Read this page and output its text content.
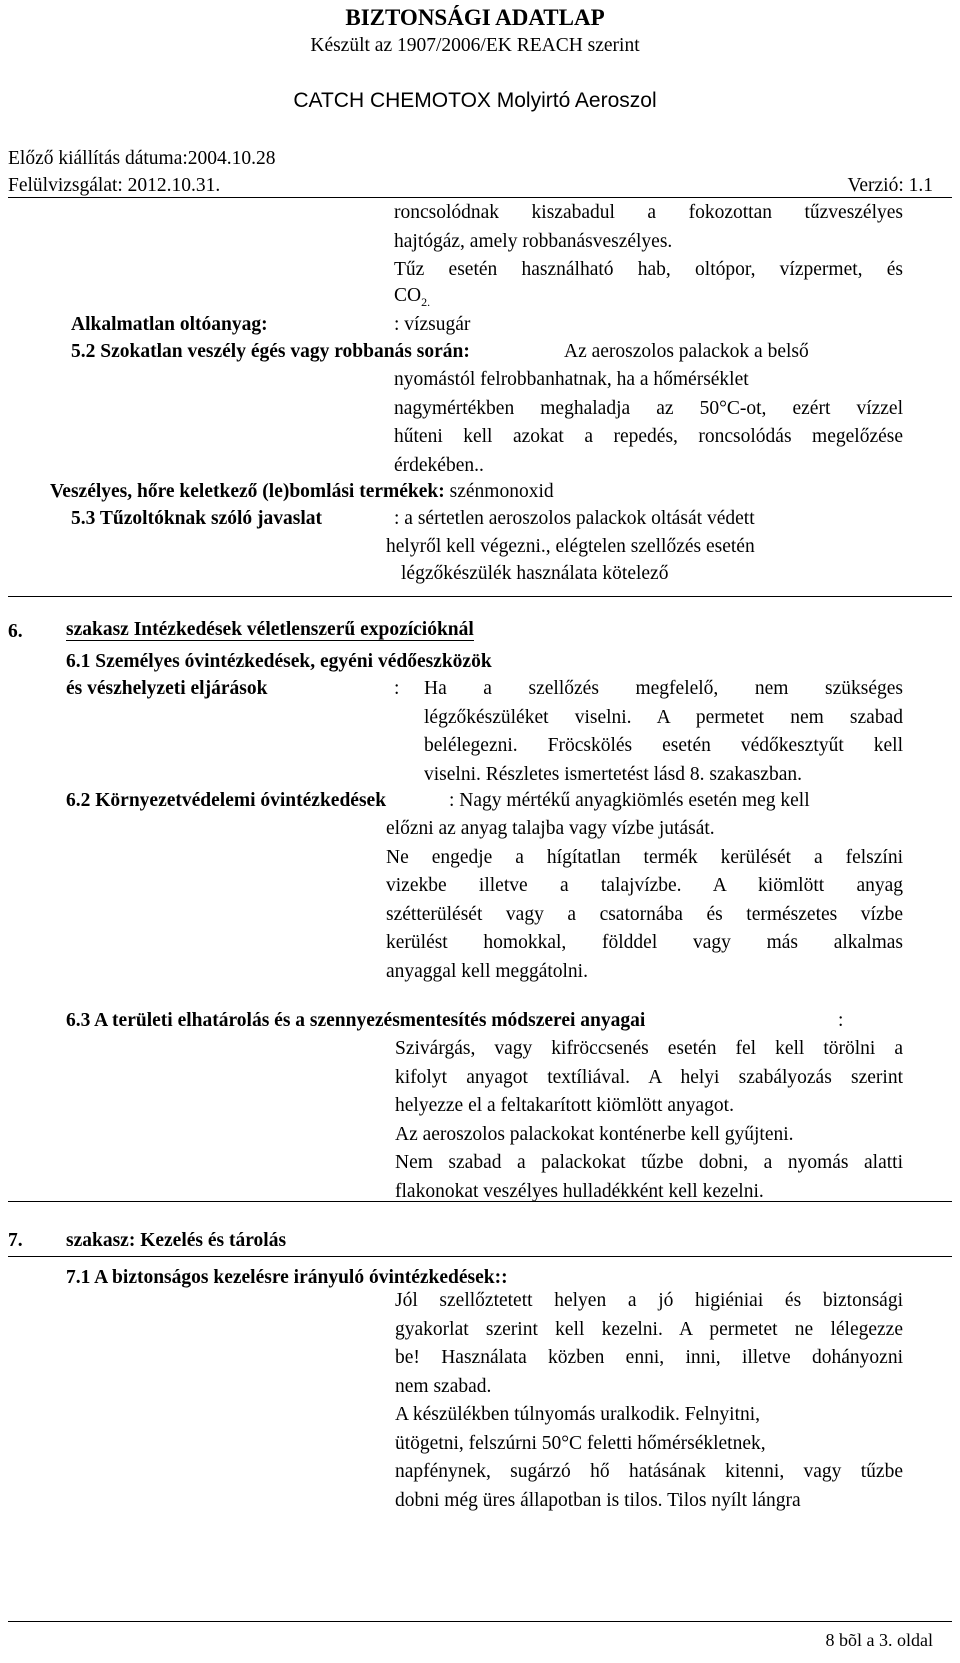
BIZTONSÁGI ADATLAP
Készült az 1907/2006/EK REACH szerint
CATCH CHEMOTOX Molyirtó Aeroszol
Előző kiállítás dátuma:2004.10.28
Felülvizsgálat: 2012.10.31.	Verzió: 1.1
roncsolódnak kiszabadul a fokozottan tűzveszélyes
hajtógáz, amely robbanásveszélyes.
Tűz esetén használható hab, oltópor, vízpermet, és
$CO_{2.}$
Alkalmatlan oltóanyag:	: vízsugár
5.2 Szokatlan veszély égés vagy robbanás során:	Az aeroszolos palackok a belső
nyomástól felrobbanhatnak, ha a hőmérséklet
nagymértékben meghaladja az 50°C-ot, ezért vízzel
hűteni kell azokat a repedés, roncsolódás megelőzése
érdekében..
Veszélyes, hőre keletkező (le)bomlási termékek: szénmonoxid
5.3 Tűzoltóknak szóló javaslat	: a sértetlen aeroszolos palackok oltását védett
helyről kell végezni., elégtelen szellőzés esetén
légzőkészülék használata kötelező
6. szakasz Intézkedések véletlenszerű expozícióknál
6.1 Személyes óvintézkedések, egyéni védőeszközök
és vészhelyzeti eljárások	: Ha a szellőzés megfelelő, nem szükséges
légzőkészüléket viselni. A permetet nem szabad
belélegezni. Fröcskölés esetén védőkesztyűt kell
viselni. Részletes ismertetést lásd 8. szakaszban.
6.2 Környezetvédelemi óvintézkedések	: Nagy mértékű anyagkiömlés esetén meg kell
előzni az anyag talajba vagy vízbe jutását.
Ne engedje a hígítatlan termék kerülését a felszíni
vizekbe illetve a talajvízbe. A kiömlött anyag
szétterülését vagy a csatornába és természetes vízbe
kerülést homokkal, földdel vagy más alkalmas
anyaggal kell meggátolni.
6.3 A területi elhatárolás és a szennyezésmentesítés módszerei anyagai	:
Szivárgás, vagy kifröccsenés esetén fel kell törölni a
kifolyt anyagot textíliával. A helyi szabályozás szerint
helyezze el a feltakarított kiömlött anyagot.
Az aeroszolos palackokat konténerbe kell gyűjteni.
Nem szabad a palackokat tűzbe dobni, a nyomás alatti
flakonokat veszélyes hulladékként kell kezelni.
7. szakasz: Kezelés és tárolás
7.1 A biztonságos kezelésre irányuló óvintézkedések::
Jól szellőztetett helyen a jó higiéniai és biztonsági
gyakorlat szerint kell kezelni. A permetet ne lélegezze
be! Használata közben enni, inni, illetve dohányozni
nem szabad.
A készülékben túlnyomás uralkodik. Felnyitni,
ütögetni, felszúrni 50°C feletti hőmérsékletnek,
napfénynek, sugárzó hő hatásának kitenni, vagy tűzbe
dobni még üres állapotban is tilos. Tilos nyílt lángra
8 bõl a 3. oldal
